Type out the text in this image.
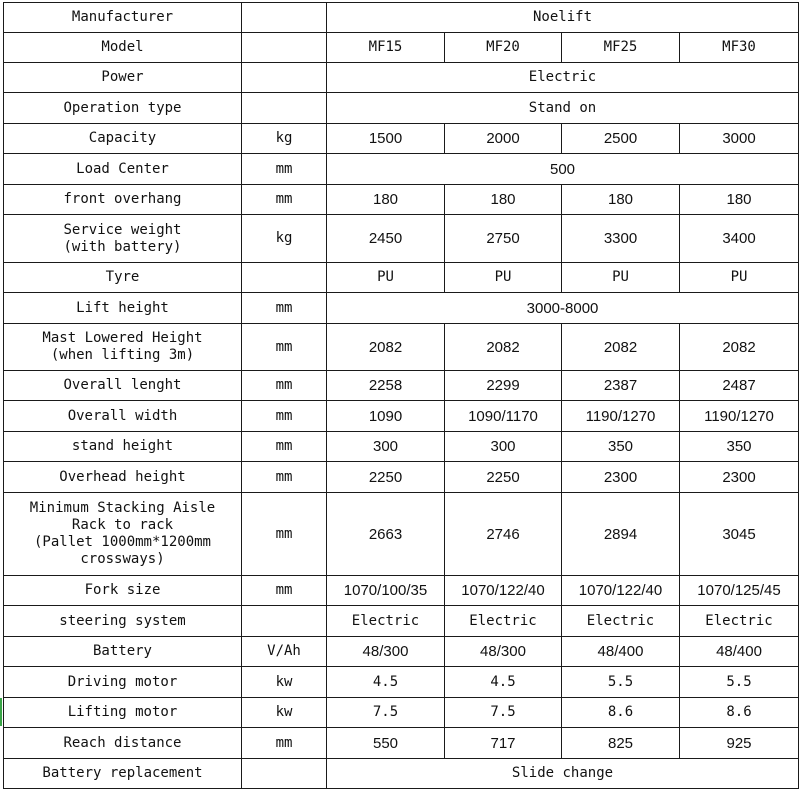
Manufacturer		Noelift			
Model		MF15	MF20	MF25	MF30
Power		Electric			
Operation type		Stand on			
Capacity	kg	1500	2000	2500	3000
Load Center	mm	500			
front overhang	mm	180	180	180	180
Service weight
(with battery)	kg	2450	2750	3300	3400
Tyre		PU	PU	PU	PU
Lift height	mm	3000-8000			
Mast Lowered Height
(when lifting 3m)	mm	2082	2082	2082	2082
Overall lenght	mm	2258	2299	2387	2487
Overall width	mm	1090	1090/1170	1190/1270	1190/1270
stand height	mm	300	300	350	350
Overhead height	mm	2250	2250	2300	2300
Minimum Stacking Aisle
Rack to rack
(Pallet 1000mm*1200mm
crossways)	mm	2663	2746	2894	3045
Fork size	mm	1070/100/35	1070/122/40	1070/122/40	1070/125/45
steering system		Electric	Electric	Electric	Electric
Battery	V/Ah	48/300	48/300	48/400	48/400
Driving motor	kw	4.5	4.5	5.5	5.5
Lifting motor	kw	7.5	7.5	8.6	8.6
Reach distance	mm	550	717	825	925
Battery replacement		Slide change			
